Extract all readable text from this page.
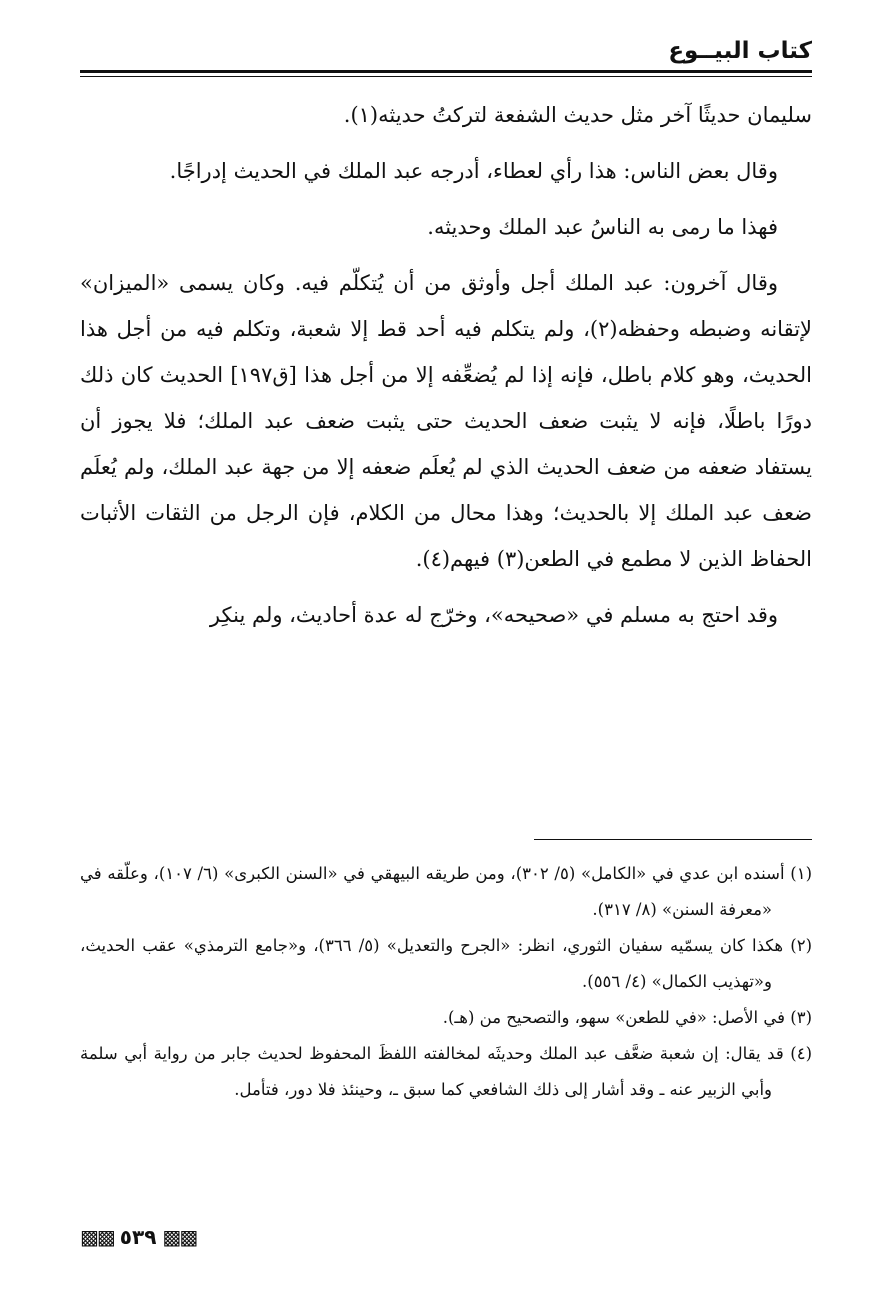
كتاب البيــوع

سليمان حديثًا آخر مثل حديث الشفعة لتركتُ حديثه(١).

وقال بعض الناس: هذا رأي لعطاء، أدرجه عبد الملك في الحديث إدراجًا.

فهذا ما رمى به الناسُ عبد الملك وحديثه.

وقال آخرون: عبد الملك أجل وأوثق من أن يُتكلّم فيه. وكان يسمى «الميزان» لإتقانه وضبطه وحفظه(٢)، ولم يتكلم فيه أحد قط إلا شعبة، وتكلم فيه من أجل هذا الحديث، وهو كلام باطل، فإنه إذا لم يُضعِّفه إلا من أجل هذا [ق١٩٧] الحديث كان ذلك دورًا باطلًا، فإنه لا يثبت ضعف الحديث حتى يثبت ضعف عبد الملك؛ فلا يجوز أن يستفاد ضعفه من ضعف الحديث الذي لم يُعلَم ضعفه إلا من جهة عبد الملك، ولم يُعلَم ضعف عبد الملك إلا بالحديث؛ وهذا محال من الكلام، فإن الرجل من الثقات الأثبات الحفاظ الذين لا مطمع في الطعن(٣) فيهم(٤).

وقد احتج به مسلم في «صحيحه»، وخرّج له عدة أحاديث، ولم ينكِر

(١) أسنده ابن عدي في «الكامل» (٥/ ٣٠٢)، ومن طريقه البيهقي في «السنن الكبرى» (٦/ ١٠٧)، وعلّقه في «معرفة السنن» (٨/ ٣١٧).

(٢) هكذا كان يسمّيه سفيان الثوري، انظر: «الجرح والتعديل» (٥/ ٣٦٦)، و«جامع الترمذي» عقب الحديث، و«تهذيب الكمال» (٤/ ٥٥٦).

(٣) في الأصل: «في للطعن» سهو، والتصحيح من (هـ).

(٤) قد يقال: إن شعبة ضعَّف عبد الملك وحديثَه لمخالفته اللفظَ المحفوظ لحديث جابر من رواية أبي سلمة وأبي الزبير عنه ـ وقد أشار إلى ذلك الشافعي كما سبق ـ، وحينئذ فلا دور، فتأمل.

▩▩ ٥٣٩ ▩▩
